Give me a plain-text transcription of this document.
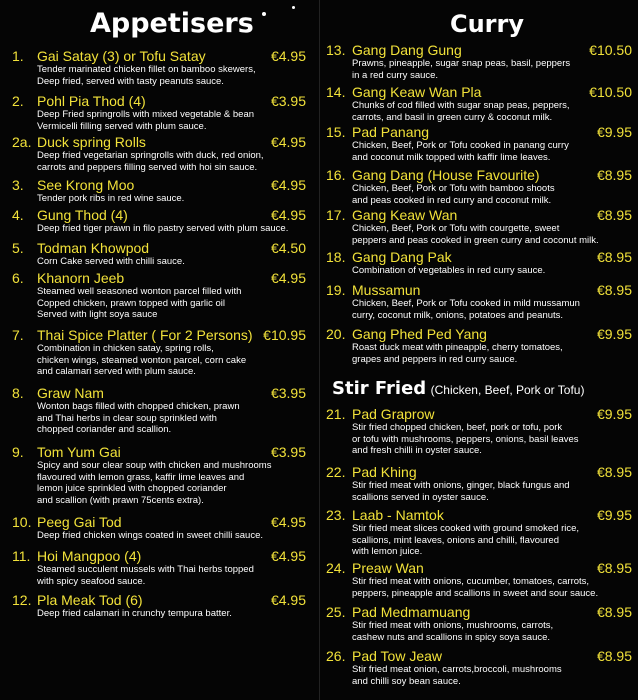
Appetisers
1. Gai Satay (3) or Tofu Satay	€4.95
Tender marinated chicken fillet on bamboo skewers,
Deep fried, served with tasty peanuts sauce.
2. Pohl Pia Thod (4)	€3.95
Deep Fried springrolls with mixed vegetable & bean
Vermicelli filling served with plum sauce.
2a. Duck spring Rolls	€4.95
Deep fried vegetarian springrolls with duck, red onion,
carrots and peppers filling served with hoi sin sauce.
3. See Krong Moo	€4.95
Tender pork ribs in red wine sauce.
4. Gung Thod (4)	€4.95
Deep fried tiger prawn in filo pastry served with plum sauce.
5. Todman Khowpod	€4.50
Corn Cake served with chilli sauce.
6. Khanorn Jeeb	€4.95
Steamed well seasoned wonton parcel filled with
Copped chicken, prawn topped with garlic oil
Served with light soya sauce
7. Thai Spice Platter ( For 2 Persons) €10.95
Combination in chicken satay, spring rolls,
chicken wings, steamed wonton parcel, corn cake
and calamari served with plum sauce.
8. Graw Nam	€3.95
Wonton bags filled with chopped chicken, prawn
and Thai herbs in clear soup sprinkled with
chopped coriander and scallion.
9. Tom Yum Gai	€3.95
Spicy and sour clear soup with chicken and mushrooms
flavoured with lemon grass, kaffir lime leaves and
lemon juice sprinkled with chopped coriander
and scallion (with prawn 75cents extra).
10. Peeg Gai Tod	€4.95
Deep fried chicken wings coated in sweet chilli sauce.
11. Hoi Mangpoo (4)	€4.95
Steamed succulent mussels with Thai herbs topped
with spicy seafood sauce.
12. Pla Meak Tod (6)	€4.95
Deep fried calamari in crunchy tempura batter.
Curry
Stir Fried (Chicken, Beef, Pork or Tofu)
13. Gang Dang Gung	€10.50
Prawns, pineapple, sugar snap peas, basil, peppers
in a red curry sauce.
14. Gang Keaw Wan Pla	€10.50
Chunks of cod filled with sugar snap peas, peppers,
carrots, and basil in green curry & coconut milk.
15. Pad Panang	€9.95
Chicken, Beef, Pork or Tofu cooked in panang curry
and coconut milk topped with kaffir lime leaves.
16. Gang Dang (House Favourite)	€8.95
Chicken, Beef, Pork or Tofu with bamboo shoots
and peas cooked in red curry and coconut milk.
17. Gang Keaw Wan	€8.95
Chicken, Beef, Pork or Tofu with courgette, sweet
peppers and peas cooked in green curry and coconut milk.
18. Gang Dang Pak	€8.95
Combination of vegetables in red curry sauce.
19. Mussamun	€8.95
Chicken, Beef, Pork or Tofu cooked in mild mussamun
curry, coconut milk, onions, potatoes and peanuts.
20. Gang Phed Ped Yang	€9.95
Roast duck meat with pineapple, cherry tomatoes,
grapes and peppers in red curry sauce.
21. Pad Graprow	€9.95
Stir fried chopped chicken, beef, pork or tofu, pork
or tofu with mushrooms, peppers, onions, basil leaves
and fresh chilli in oyster sauce.
22. Pad Khing	€8.95
Stir fried meat with onions, ginger, black fungus and
scallions served in oyster sauce.
23. Laab - Namtok	€9.95
Stir fried meat slices cooked with ground smoked rice,
scallions, mint leaves, onions and chilli, flavoured
with lemon juice.
24. Preaw Wan	€8.95
Stir fried meat with onions, cucumber, tomatoes, carrots,
peppers, pineapple and scallions in sweet and sour sauce.
25. Pad Medmamuang	€8.95
Stir fried meat with onions, mushrooms, carrots,
cashew nuts and scallions in spicy soya sauce.
26. Pad Tow Jeaw	€8.95
Stir fried meat onion, carrots,broccoli, mushrooms
and chilli soy bean sauce.
